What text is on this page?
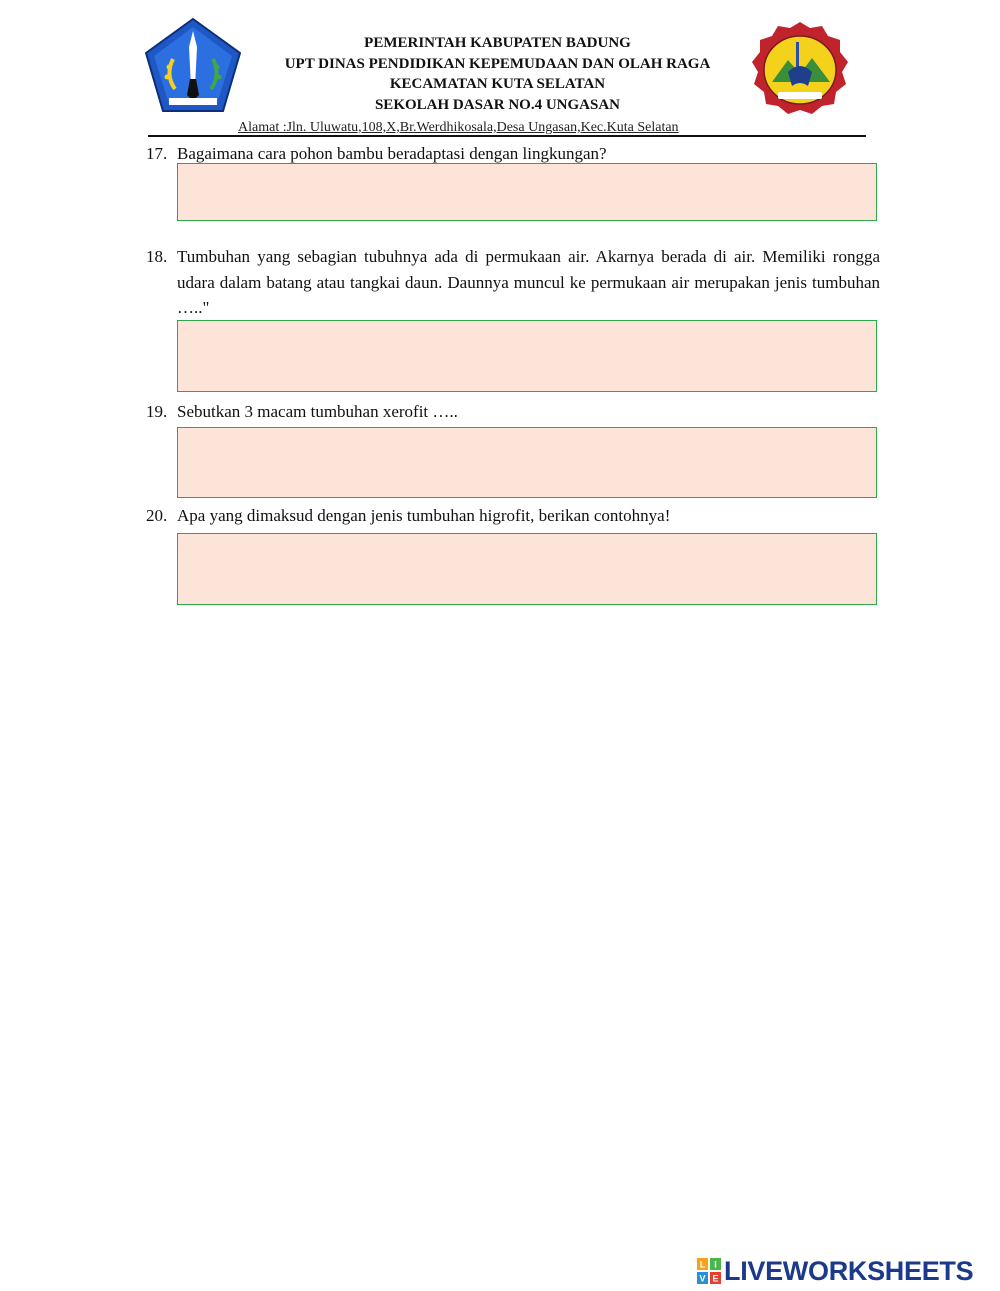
PEMERINTAH KABUPATEN BADUNG
UPT DINAS PENDIDIKAN KEPEMUDAAN DAN OLAH RAGA
KECAMATAN KUTA SELATAN
SEKOLAH DASAR NO.4 UNGASAN
Alamat :Jln. Uluwatu,108,X,Br.Werdhikosala,Desa Ungasan,Kec.Kuta Selatan
17. Bagaimana cara pohon bambu beradaptasi dengan lingkungan?
18. Tumbuhan yang sebagian tubuhnya ada di permukaan air. Akarnya berada di air. Memiliki rongga udara dalam batang atau tangkai daun. Daunnya muncul ke permukaan air merupakan jenis tumbuhan ….."
19. Sebutkan 3 macam tumbuhan xerofit …..
20. Apa yang dimaksud dengan jenis tumbuhan higrofit, berikan contohnya!
L I
V E LIVEWORKSHEETS
